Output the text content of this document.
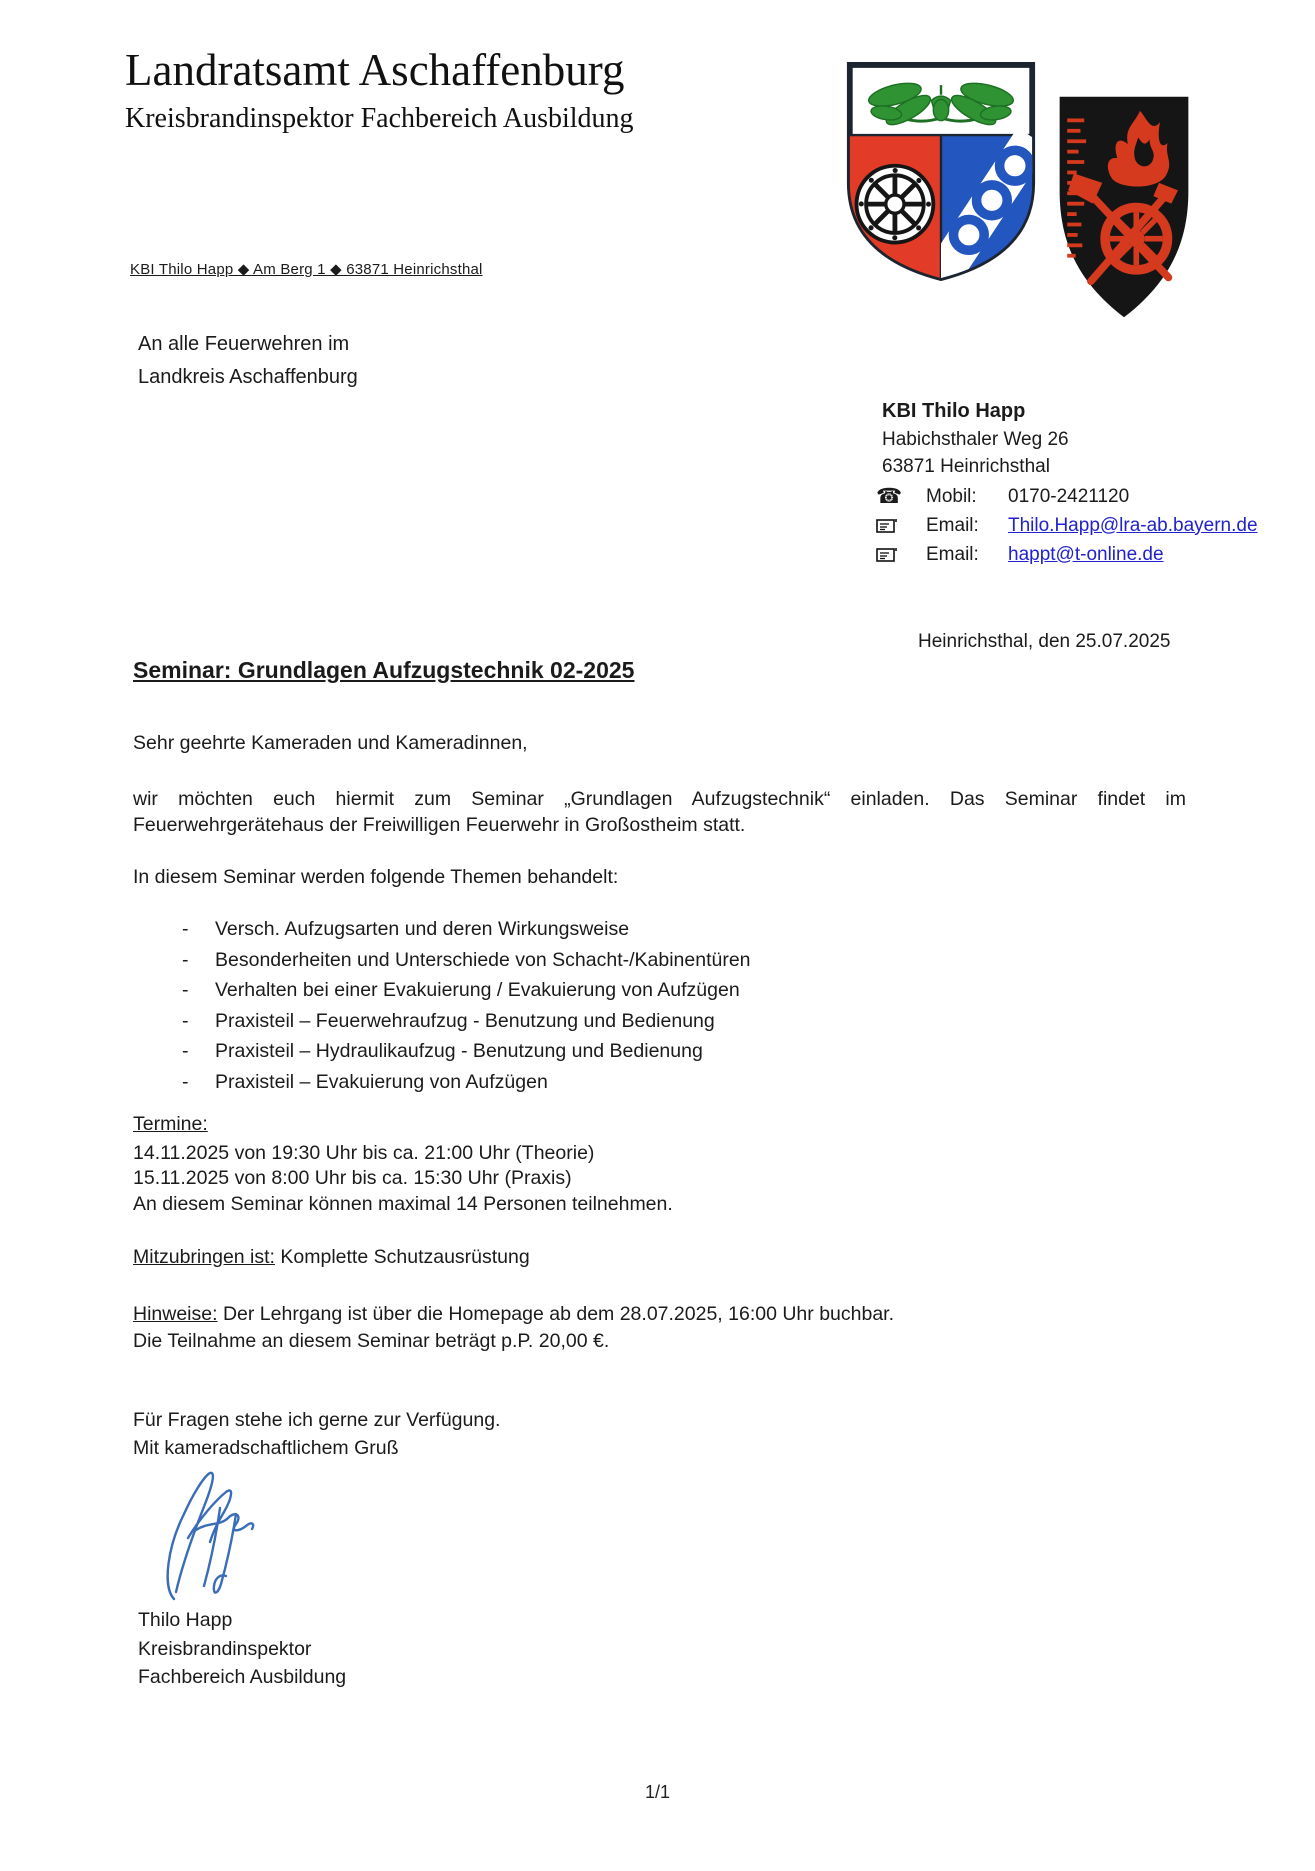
Landratsamt Aschaffenburg
Kreisbrandinspektor Fachbereich Ausbildung
KBI Thilo Happ ◆ Am Berg 1 ◆ 63871 Heinrichsthal
An alle Feuerwehren im
Landkreis Aschaffenburg
KBI Thilo Happ
Habichsthaler Weg 26
63871 Heinrichsthal
☎	Mobil:	0170-2421120
Email:	Thilo.Happ@lra-ab.bayern.de
Email:	happt@t-online.de
Heinrichsthal, den 25.07.2025
Seminar: Grundlagen Aufzugstechnik 02-2025
Sehr geehrte Kameraden und Kameradinnen,
wir möchten euch hiermit zum Seminar „Grundlagen Aufzugstechnik“ einladen. Das Seminar findet im Feuerwehrgerätehaus der Freiwilligen Feuerwehr in Großostheim statt.
In diesem Seminar werden folgende Themen behandelt:
-	Versch. Aufzugsarten und deren Wirkungsweise
-	Besonderheiten und Unterschiede von Schacht-/Kabinentüren
-	Verhalten bei einer Evakuierung / Evakuierung von Aufzügen
-	Praxisteil – Feuerwehraufzug - Benutzung und Bedienung
-	Praxisteil – Hydraulikaufzug - Benutzung und Bedienung
-	Praxisteil – Evakuierung von Aufzügen
Termine:
14.11.2025 von 19:30 Uhr bis ca. 21:00 Uhr (Theorie)
15.11.2025 von 8:00 Uhr bis ca. 15:30 Uhr (Praxis)
An diesem Seminar können maximal 14 Personen teilnehmen.
Mitzubringen ist: Komplette Schutzausrüstung
Hinweise: Der Lehrgang ist über die Homepage ab dem 28.07.2025, 16:00 Uhr buchbar.
Die Teilnahme an diesem Seminar beträgt p.P. 20,00 €.
Für Fragen stehe ich gerne zur Verfügung.
Mit kameradschaftlichem Gruß
Thilo Happ
Kreisbrandinspektor
Fachbereich Ausbildung
1/1
